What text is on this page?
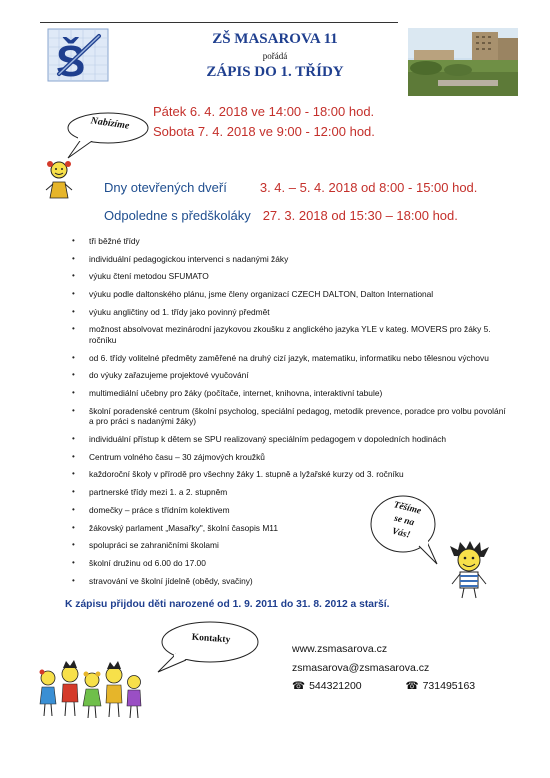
Š	ZŠ MASAROVA 11
pořádá
ZÁPIS DO 1. TŘÍDY
Pátek 6. 4. 2018 ve 14:00 - 18:00 hod.
Sobota 7. 4. 2018 ve 9:00 - 12:00 hod.
Nabízíme
Dny otevřených dveří	3. 4. – 5. 4. 2018 od 8:00 - 15:00 hod.
Odpoledne s předškoláky 27. 3. 2018 od 15:30 – 18:00 hod.
• tři běžné třídy
• individuální pedagogickou intervenci s nadanými žáky
• výuku čtení metodou SFUMATO
• výuku podle daltonského plánu, jsme členy organizací CZECH DALTON, Dalton International
• výuku angličtiny od 1. třídy jako povinný předmět
• možnost absolvovat mezinárodní jazykovou zkoušku z anglického jazyka YLE v kateg. MOVERS pro žáky 5. ročníku
• od 6. třídy volitelné předměty zaměřené na druhý cizí jazyk, matematiku, informatiku nebo tělesnou výchovu
• do výuky zařazujeme projektové vyučování
• multimediální učebny pro žáky (počítače, internet, knihovna, interaktivní tabule)
• školní poradenské centrum (školní psycholog, speciální pedagog, metodik prevence, poradce pro volbu povolání a pro práci s nadanými žáky)
• individuální přístup k dětem se SPU realizovaný speciálním pedagogem v dopoledních hodinách
• Centrum volného času – 30 zájmových kroužků
• každoroční školy v přírodě pro všechny žáky 1. stupně a lyžařské kurzy od 3. ročníku
• partnerské třídy mezi 1. a 2. stupněm
• domečky – práce s třídním kolektivem
• žákovský parlament „Masařky", školní časopis M11
• spolupráci se zahraničními školami
• školní družinu od 6.00 do 17.00
• stravování ve školní jídelně (obědy, svačiny)
Těšíme
se na
Vás!
K zápisu přijdou děti narozené od 1. 9. 2011 do 31. 8. 2012 a starší.
Kontakty
www.zsmasarova.cz
zsmasarova@zsmasarova.cz
☎ 544321200	☎ 731495163
